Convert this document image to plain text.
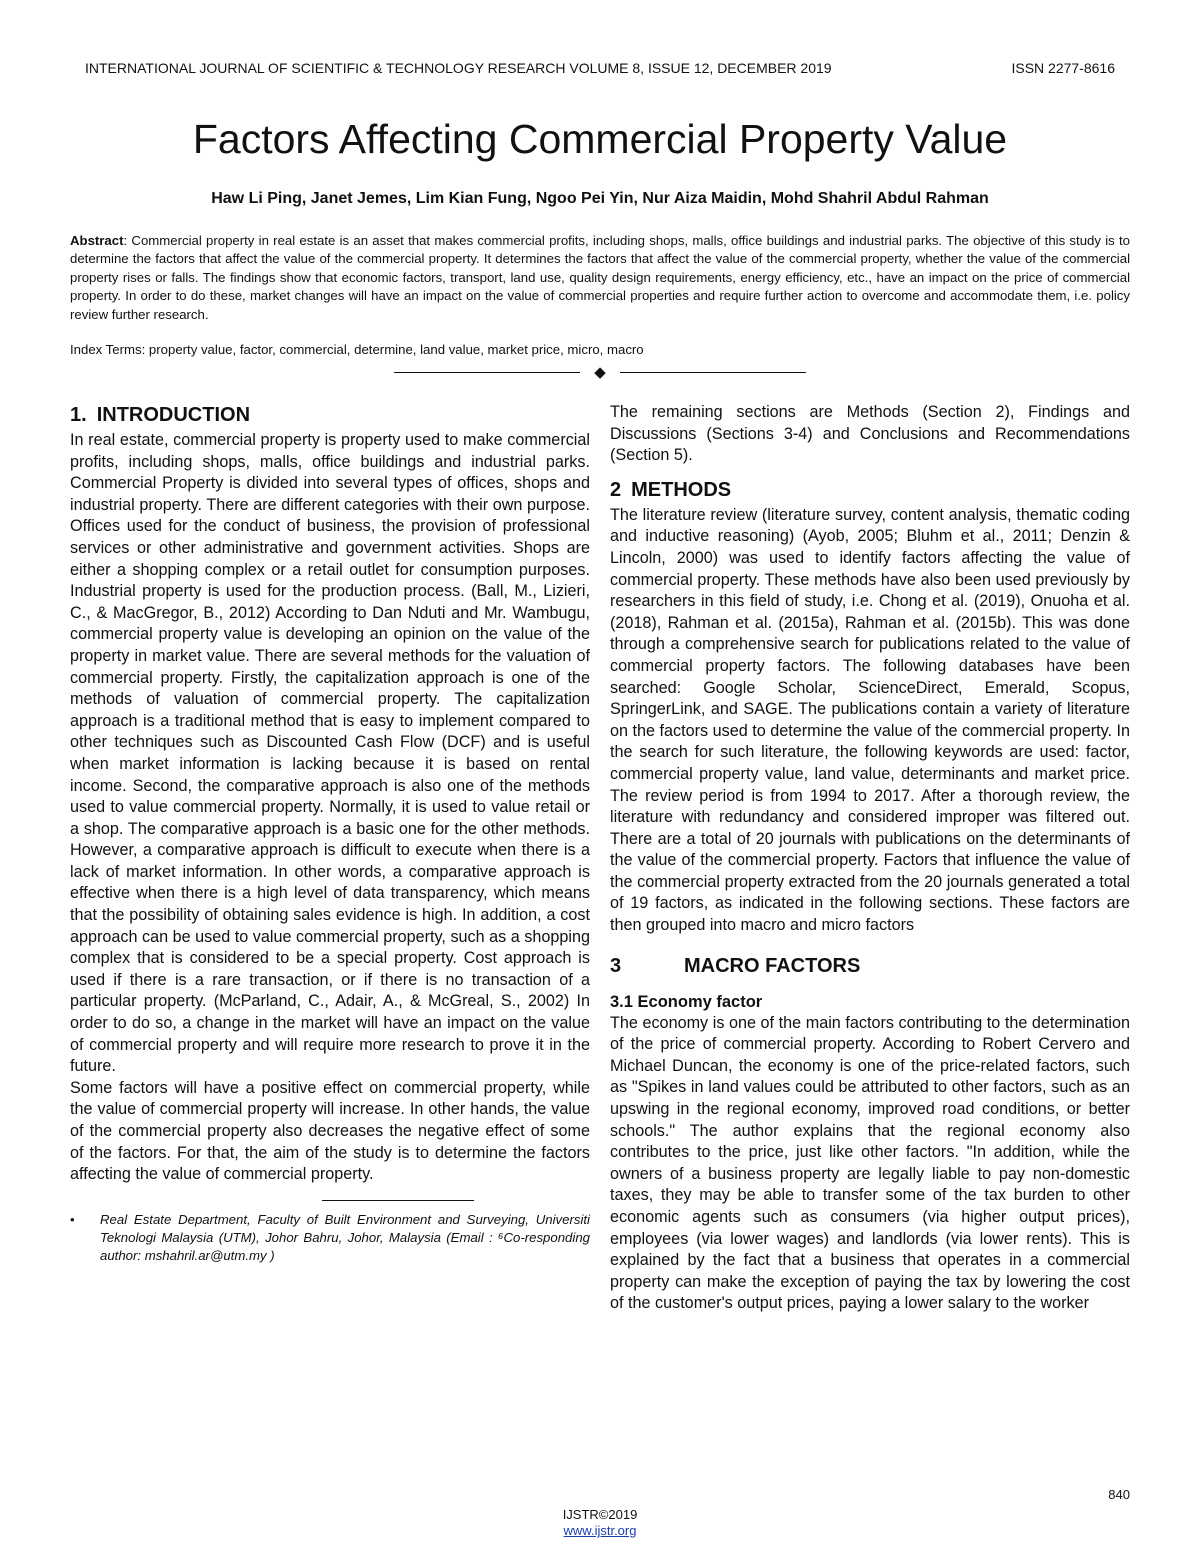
INTERNATIONAL JOURNAL OF SCIENTIFIC & TECHNOLOGY RESEARCH VOLUME 8, ISSUE 12, DECEMBER 2019	ISSN 2277-8616
Factors Affecting Commercial Property Value
Haw Li Ping, Janet Jemes, Lim Kian Fung, Ngoo Pei Yin, Nur Aiza Maidin, Mohd Shahril Abdul Rahman
Abstract: Commercial property in real estate is an asset that makes commercial profits, including shops, malls, office buildings and industrial parks. The objective of this study is to determine the factors that affect the value of the commercial property. It determines the factors that affect the value of the commercial property, whether the value of the commercial property rises or falls. The findings show that economic factors, transport, land use, quality design requirements, energy efficiency, etc., have an impact on the price of commercial property. In order to do these, market changes will have an impact on the value of commercial properties and require further action to overcome and accommodate them, i.e. policy review further research.
Index Terms: property value, factor, commercial, determine, land value, market price, micro, macro
◆
1. INTRODUCTION

In real estate, commercial property is property used to make commercial profits, including shops, malls, office buildings and industrial parks. Commercial Property is divided into several types of offices, shops and industrial property. There are different categories with their own purpose. Offices used for the conduct of business, the provision of professional services or other administrative and government activities. Shops are either a shopping complex or a retail outlet for consumption purposes. Industrial property is used for the production process. (Ball, M., Lizieri, C., & MacGregor, B., 2012) According to Dan Nduti and Mr. Wambugu, commercial property value is developing an opinion on the value of the property in market value. There are several methods for the valuation of commercial property. Firstly, the capitalization approach is one of the methods of valuation of commercial property. The capitalization approach is a traditional method that is easy to implement compared to other techniques such as Discounted Cash Flow (DCF) and is useful when market information is lacking because it is based on rental income. Second, the comparative approach is also one of the methods used to value commercial property. Normally, it is used to value retail or a shop. The comparative approach is a basic one for the other methods. However, a comparative approach is difficult to execute when there is a lack of market information. In other words, a comparative approach is effective when there is a high level of data transparency, which means that the possibility of obtaining sales evidence is high. In addition, a cost approach can be used to value commercial property, such as a shopping complex that is considered to be a special property. Cost approach is used if there is a rare transaction, or if there is no transaction of a particular property. (McParland, C., Adair, A., & McGreal, S., 2002) In order to do so, a change in the market will have an impact on the value of commercial property and will require more research to prove it in the future.

Some factors will have a positive effect on commercial property, while the value of commercial property will increase. In other hands, the value of the commercial property also decreases the negative effect of some of the factors. For that, the aim of the study is to determine the factors affecting the value of commercial property.

•	Real Estate Department, Faculty of Built Environment and Surveying, Universiti Teknologi Malaysia (UTM), Johor Bahru, Johor, Malaysia (Email : ⁶Co-responding author: mshahril.ar@utm.my )

The remaining sections are Methods (Section 2), Findings and Discussions (Sections 3-4) and Conclusions and Recommendations (Section 5).

2 METHODS

The literature review (literature survey, content analysis, thematic coding and inductive reasoning) (Ayob, 2005; Bluhm et al., 2011; Denzin & Lincoln, 2000) was used to identify factors affecting the value of commercial property. These methods have also been used previously by researchers in this field of study, i.e. Chong et al. (2019), Onuoha et al. (2018), Rahman et al. (2015a), Rahman et al. (2015b). This was done through a comprehensive search for publications related to the value of commercial property factors. The following databases have been searched: Google Scholar, ScienceDirect, Emerald, Scopus, SpringerLink, and SAGE. The publications contain a variety of literature on the factors used to determine the value of the commercial property. In the search for such literature, the following keywords are used: factor, commercial property value, land value, determinants and market price. The review period is from 1994 to 2017. After a thorough review, the literature with redundancy and considered improper was filtered out. There are a total of 20 journals with publications on the determinants of the value of the commercial property. Factors that influence the value of the commercial property extracted from the 20 journals generated a total of 19 factors, as indicated in the following sections. These factors are then grouped into macro and micro factors

3	MACRO FACTORS
3.1 Economy factor

The economy is one of the main factors contributing to the determination of the price of commercial property. According to Robert Cervero and Michael Duncan, the economy is one of the price-related factors, such as "Spikes in land values could be attributed to other factors, such as an upswing in the regional economy, improved road conditions, or better schools." The author explains that the regional economy also contributes to the price, just like other factors. "In addition, while the owners of a business property are legally liable to pay non-domestic taxes, they may be able to transfer some of the tax burden to other economic agents such as consumers (via higher output prices), employees (via lower wages) and landlords (via lower rents). This is explained by the fact that a business that operates in a commercial property can make the exception of paying the tax by lowering the cost of the customer's output prices, paying a lower salary to the worker

840
IJSTR©2019
www.ijstr.org
